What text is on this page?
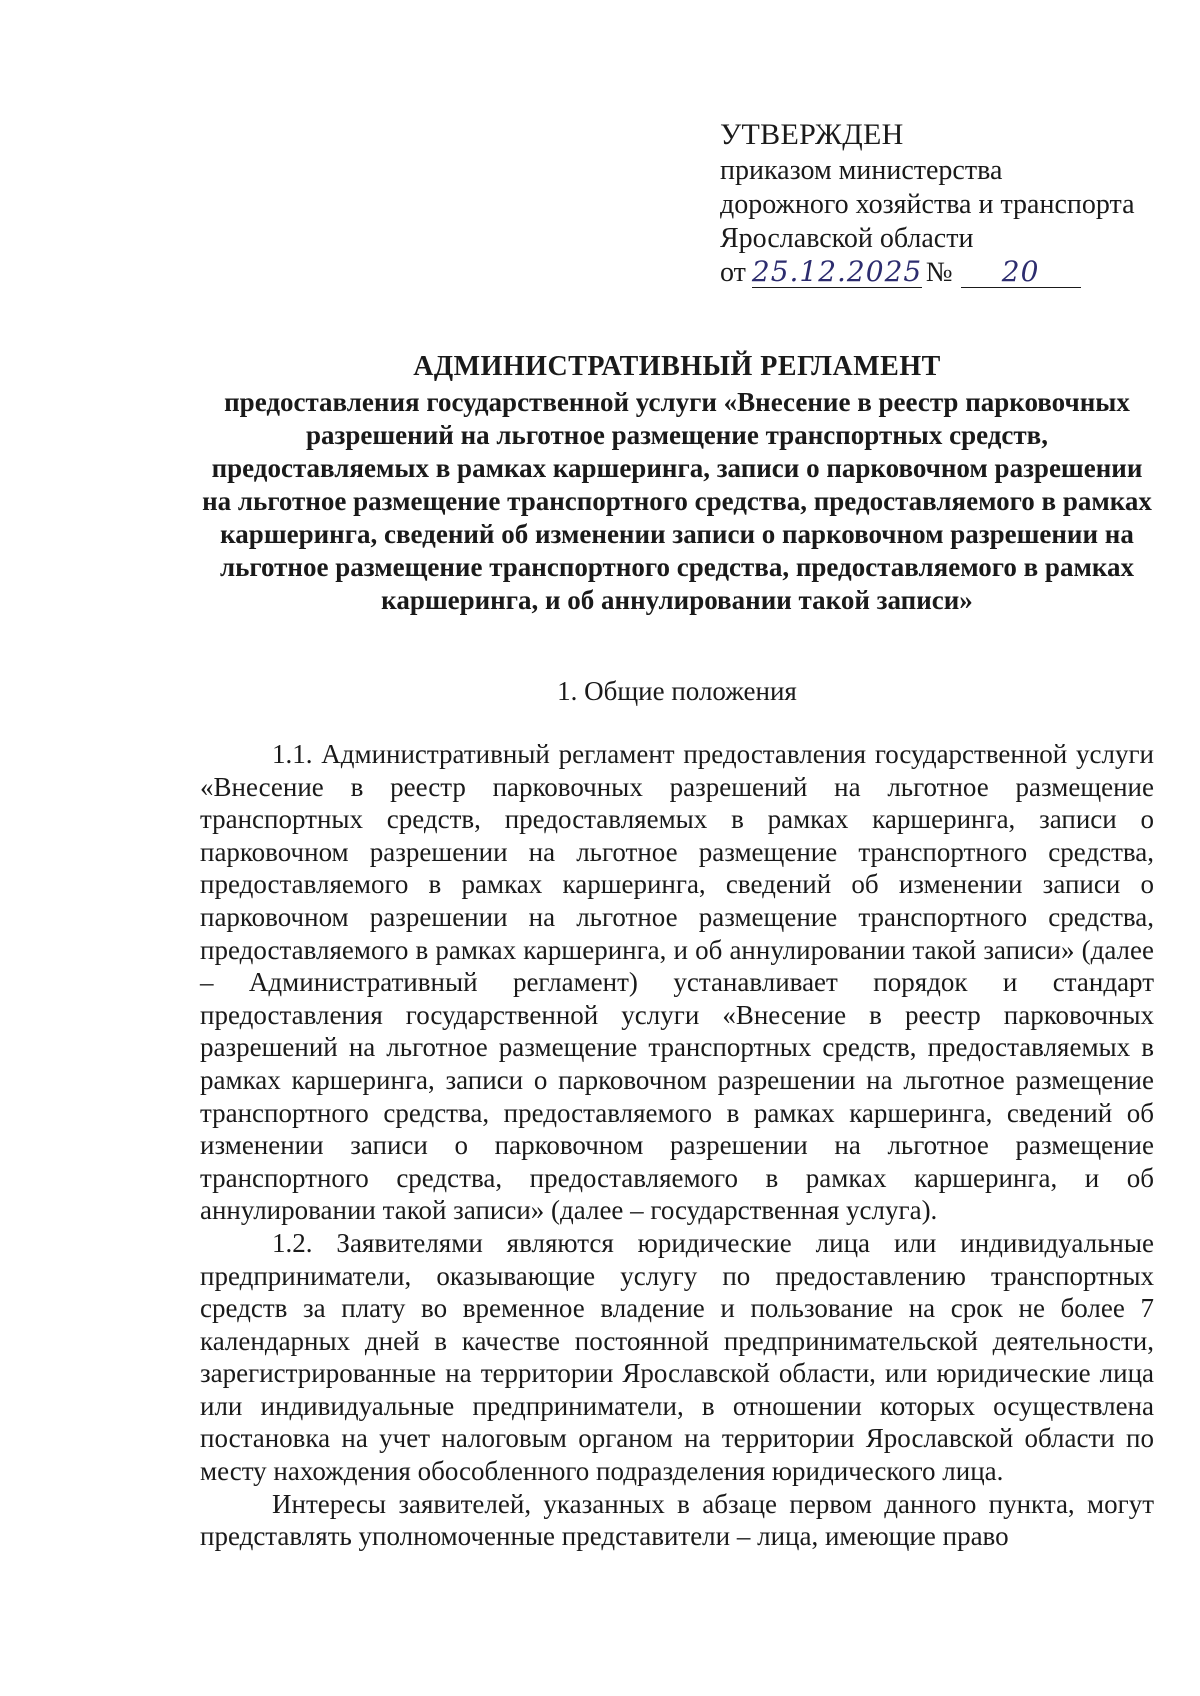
УТВЕРЖДЕН
приказом министерства
дорожного хозяйства и транспорта
Ярославской области
от 25.12.2025 №	20
АДМИНИСТРАТИВНЫЙ РЕГЛАМЕНТ

предоставления государственной услуги «Внесение в реестр парковочных разрешений на льготное размещение транспортных средств, предоставляемых в рамках каршеринга, записи о парковочном разрешении на льготное размещение транспортного средства, предоставляемого в рамках каршеринга, сведений об изменении записи о парковочном разрешении на льготное размещение транспортного средства, предоставляемого в рамках каршеринга, и об аннулировании такой записи»

1. Общие положения

1.1. Административный регламент предоставления государственной услуги «Внесение в реестр парковочных разрешений на льготное размещение транспортных средств, предоставляемых в рамках каршеринга, записи о парковочном разрешении на льготное размещение транспортного средства, предоставляемого в рамках каршеринга, сведений об изменении записи о парковочном разрешении на льготное размещение транспортного средства, предоставляемого в рамках каршеринга, и об аннулировании такой записи» (далее – Административный регламент) устанавливает порядок и стандарт предоставления государственной услуги «Внесение в реестр парковочных разрешений на льготное размещение транспортных средств, предоставляемых в рамках каршеринга, записи о парковочном разрешении на льготное размещение транспортного средства, предоставляемого в рамках каршеринга, сведений об изменении записи о парковочном разрешении на льготное размещение транспортного средства, предоставляемого в рамках каршеринга, и об аннулировании такой записи» (далее – государственная услуга).

1.2. Заявителями являются юридические лица или индивидуальные предприниматели, оказывающие услугу по предоставлению транспортных средств за плату во временное владение и пользование на срок не более 7 календарных дней в качестве постоянной предпринимательской деятельности, зарегистрированные на территории Ярославской области, или юридические лица или индивидуальные предприниматели, в отношении которых осуществлена постановка на учет налоговым органом на территории Ярославской области по месту нахождения обособленного подразделения юридического лица.

Интересы заявителей, указанных в абзаце первом данного пункта, могут представлять уполномоченные представители – лица, имеющие право
